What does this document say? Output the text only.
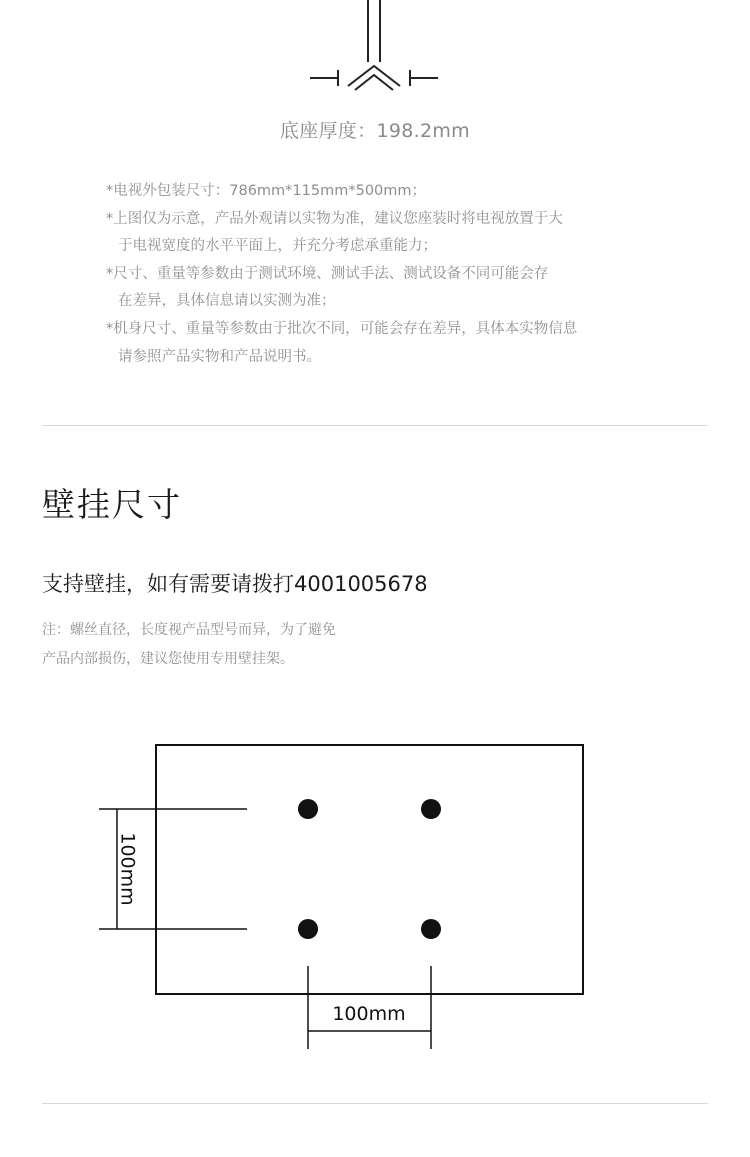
底座厚度：198.2mm

*电视外包装尺寸：786mm*115mm*500mm；

*上图仅为示意，产品外观请以实物为准，建议您座装时将电视放置于大

于电视宽度的水平平面上，并充分考虑承重能力；

*尺寸、重量等参数由于测试环境、测试手法、测试设备不同可能会存

在差异，具体信息请以实测为准；

*机身尺寸、重量等参数由于批次不同，可能会存在差异，具体本实物信息

请参照产品实物和产品说明书。

壁挂尺寸
支持壁挂，如有需要请拨打4001005678

注：螺丝直径，长度视产品型号而异，为了避免

产品内部损伤，建议您使用专用壁挂架。

100mm
100mm
